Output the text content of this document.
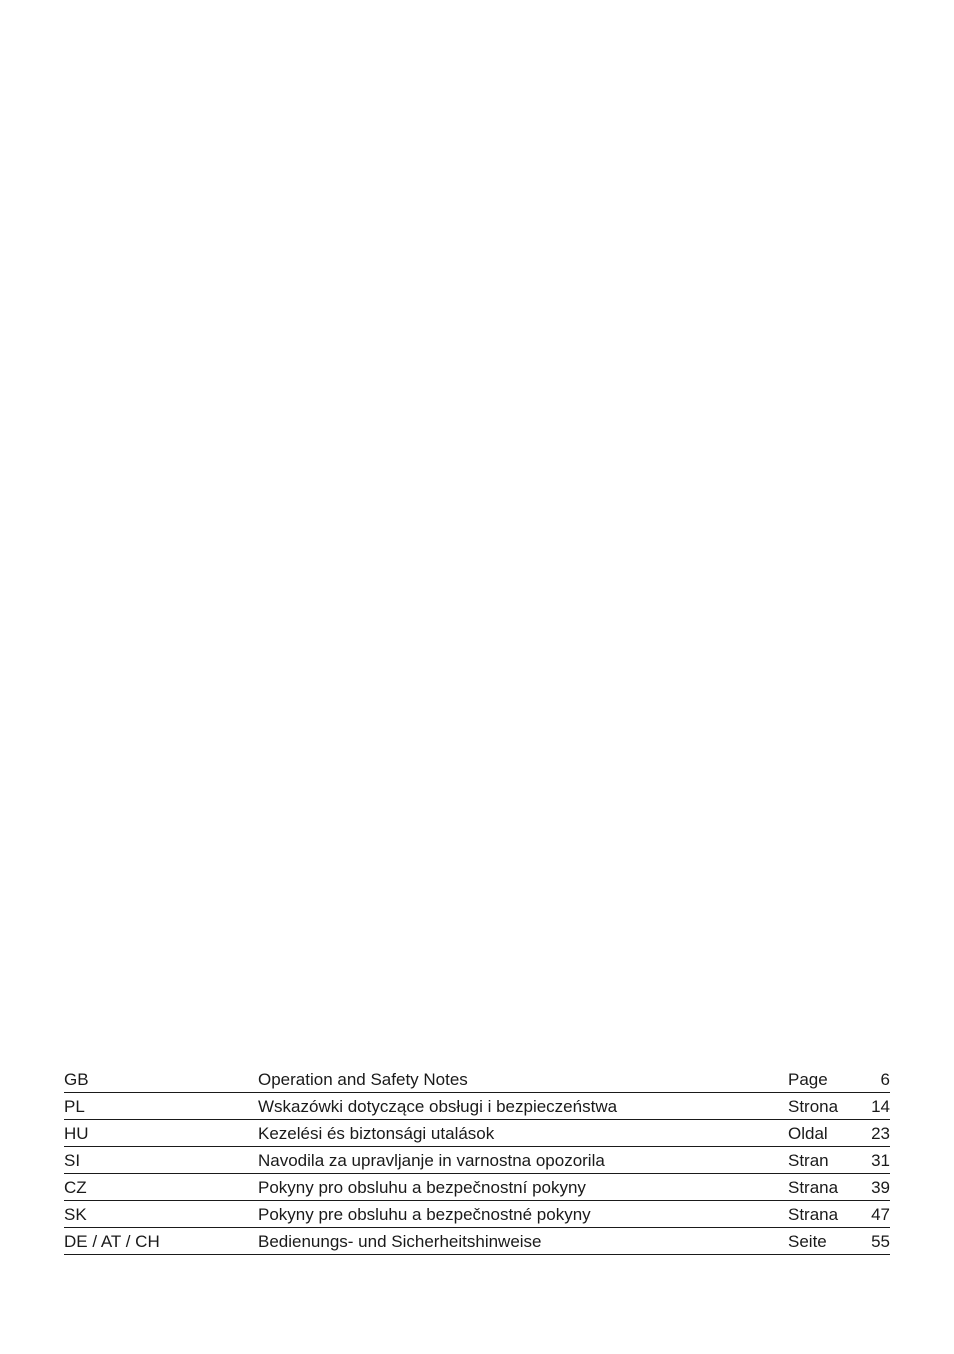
GB	Operation and Safety Notes	Page	6
PL	Wskazówki dotyczące obsługi i bezpieczeństwa	Strona	14
HU	Kezelési és biztonsági utalások	Oldal	23
SI	Navodila za upravljanje in varnostna opozorila	Stran	31
CZ	Pokyny pro obsluhu a bezpečnostní pokyny	Strana	39
SK	Pokyny pre obsluhu a bezpečnostné pokyny	Strana	47
DE / AT / CH	Bedienungs- und Sicherheitshinweise	Seite	55
